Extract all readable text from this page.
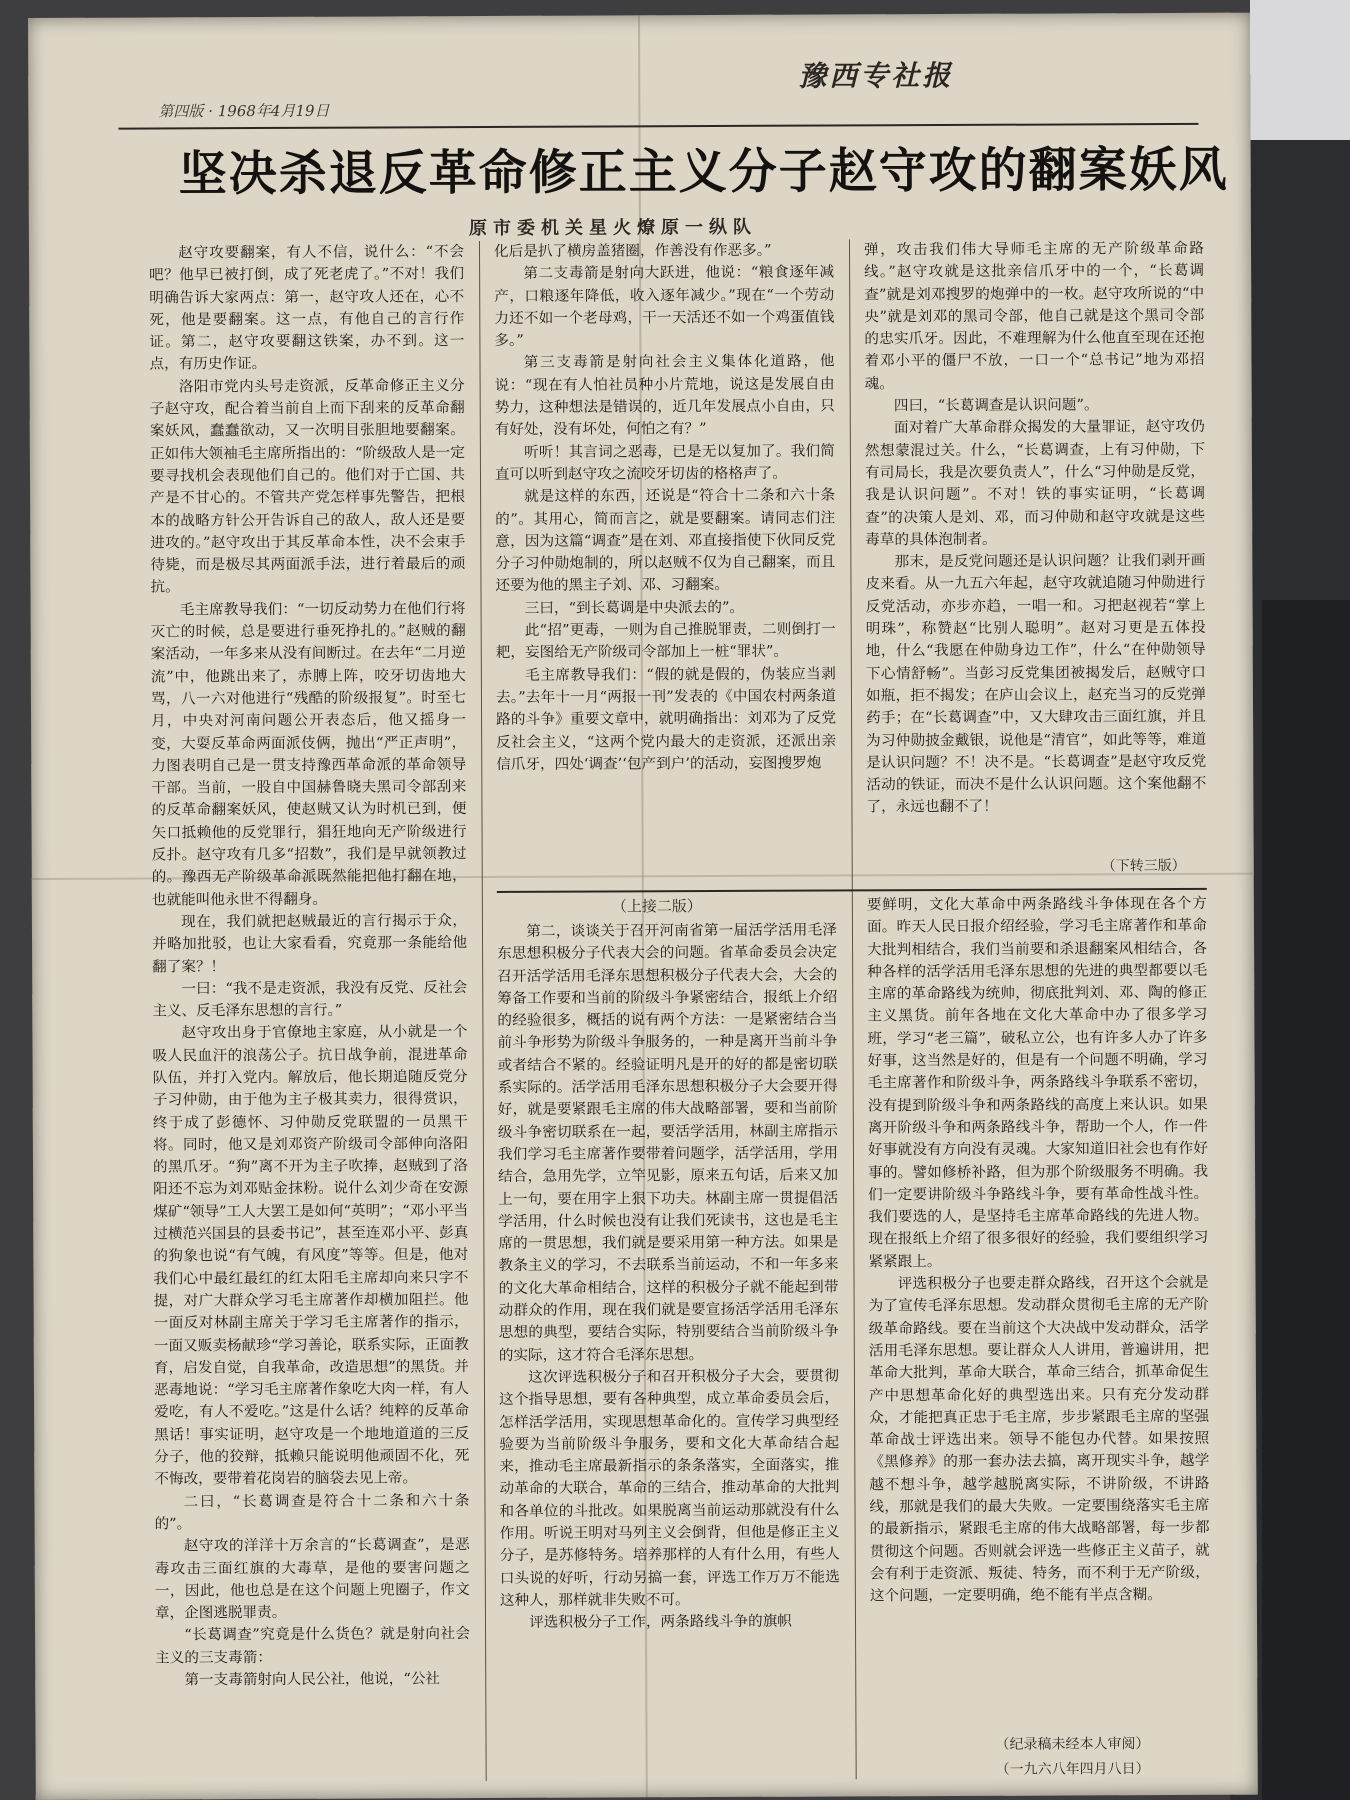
豫西专社报
第四版 · 1968年4月19日
坚决杀退反革命修正主义分子赵守攻的翻案妖风
原市委机关星火燎原一纵队

赵守攻要翻案，有人不信，说什么：“不会吧？他早已被打倒，成了死老虎了。”不对！我们明确告诉大家两点：第一，赵守攻人还在，心不死，他是要翻案。这一点，有他自己的言行作证。第二，赵守攻要翻这铁案，办不到。这一点，有历史作证。

洛阳市党内头号走资派，反革命修正主义分子赵守攻，配合着当前自上而下刮来的反革命翻案妖风，蠢蠢欲动，又一次明目张胆地要翻案。正如伟大领袖毛主席所指出的：“阶级敌人是一定要寻找机会表现他们自己的。他们对于亡国、共产是不甘心的。不管共产党怎样事先警告，把根本的战略方针公开告诉自己的敌人，敌人还是要进攻的。”赵守攻出于其反革命本性，决不会束手待毙，而是极尽其两面派手法，进行着最后的顽抗。

毛主席教导我们：“一切反动势力在他们行将灭亡的时候，总是要进行垂死挣扎的。”赵贼的翻案活动，一年多来从没有间断过。在去年“二月逆流”中，他跳出来了，赤膊上阵，咬牙切齿地大骂，八一六对他进行“残酷的阶级报复”。时至七月，中央对河南问题公开表态后，他又摇身一变，大耍反革命两面派伎俩，抛出“严正声明”，力图表明自己是一贯支持豫西革命派的革命领导干部。当前，一股自中国赫鲁晓夫黑司令部刮来的反革命翻案妖风，使赵贼又认为时机已到，便矢口抵赖他的反党罪行，猖狂地向无产阶级进行反扑。赵守攻有几多“招数”，我们是早就领教过的。豫西无产阶级革命派既然能把他打翻在地，也就能叫他永世不得翻身。

现在，我们就把赵贼最近的言行揭示于众，并略加批驳，也让大家看看，究竟那一条能给他翻了案？！

一曰：“我不是走资派，我没有反党、反社会主义、反毛泽东思想的言行。”

赵守攻出身于官僚地主家庭，从小就是一个吸人民血汗的浪荡公子。抗日战争前，混进革命队伍，并打入党内。解放后，他长期追随反党分子习仲勋，由于他为主子极其卖力，很得赏识，终于成了彭德怀、习仲勋反党联盟的一员黑干将。同时，他又是刘邓资产阶级司令部伸向洛阳的黑爪牙。“狗”离不开为主子吹捧，赵贼到了洛阳还不忘为刘邓贴金抹粉。说什么刘少奇在安源煤矿“领导”工人大罢工是如何“英明”；“邓小平当过横范兴国县的县委书记”，甚至连邓小平、彭真的狗象也说“有气魄，有风度”等等。但是，他对我们心中最红最红的红太阳毛主席却向来只字不提，对广大群众学习毛主席著作却横加阻拦。他一面反对林副主席关于学习毛主席著作的指示，一面又贩卖杨献珍“学习善论，联系实际，正面教育，启发自觉，自我革命，改造思想”的黑货。并恶毒地说：“学习毛主席著作象吃大肉一样，有人爱吃，有人不爱吃。”这是什么话？纯粹的反革命黑话！事实证明，赵守攻是一个地地道道的三反分子，他的狡辩，抵赖只能说明他顽固不化，死不悔改，要带着花岗岩的脑袋去见上帝。

二曰，“长葛调查是符合十二条和六十条的”。

赵守攻的洋洋十万余言的“长葛调查”，是恶毒攻击三面红旗的大毒草，是他的要害问题之一，因此，他也总是在这个问题上兜圈子，作文章，企图逃脱罪责。

“长葛调查”究竟是什么货色？就是射向社会主义的三支毒箭：

第一支毒箭射向人民公社，他说，“公社

化后是扒了横房盖猪圈，作善没有作恶多。”

第二支毒箭是射向大跃进，他说：“粮食逐年减产，口粮逐年降低，收入逐年减少。”现在“一个劳动力还不如一个老母鸡，干一天活还不如一个鸡蛋值钱多。”

第三支毒箭是射向社会主义集体化道路，他说：“现在有人怕社员种小片荒地，说这是发展自由势力，这种想法是错误的，近几年发展点小自由，只有好处，没有坏处，何怕之有？”

听听！其言词之恶毒，已是无以复加了。我们简直可以听到赵守攻之流咬牙切齿的格格声了。

就是这样的东西，还说是“符合十二条和六十条的”。其用心，简而言之，就是要翻案。请同志们注意，因为这篇“调查”是在刘、邓直接指使下伙同反党分子习仲勋炮制的，所以赵贼不仅为自己翻案，而且还要为他的黑主子刘、邓、习翻案。

三曰，“到长葛调是中央派去的”。

此“招”更毒，一则为自己推脱罪责，二则倒打一耙，妄图给无产阶级司令部加上一桩“罪状”。

毛主席教导我们：“假的就是假的，伪装应当剥去。”去年十一月“两报一刊”发表的《中国农村两条道路的斗争》重要文章中，就明确指出：刘邓为了反党反社会主义，“这两个党内最大的走资派，还派出亲信爪牙，四处‘调查’‘包产到户’的活动，妄图搜罗炮

弹，攻击我们伟大导师毛主席的无产阶级革命路线。”赵守攻就是这批亲信爪牙中的一个，“长葛调查”就是刘邓搜罗的炮弹中的一枚。赵守攻所说的“中央”就是刘邓的黑司令部，他自己就是这个黑司令部的忠实爪牙。因此，不难理解为什么他直至现在还抱着邓小平的僵尸不放，一口一个“总书记”地为邓招魂。

四曰，“长葛调查是认识问题”。

面对着广大革命群众揭发的大量罪证，赵守攻仍然想蒙混过关。什么，“长葛调查，上有习仲勋，下有司局长，我是次要负责人”，什么“习仲勋是反党，我是认识问题”。不对！铁的事实证明，“长葛调查”的决策人是刘、邓，而习仲勋和赵守攻就是这些毒草的具体泡制者。

那末，是反党问题还是认识问题？让我们剥开画皮来看。从一九五六年起，赵守攻就追随习仲勋进行反党活动，亦步亦趋，一唱一和。习把赵视若“掌上明珠”，称赞赵“比别人聪明”。赵对习更是五体投地，什么“我愿在仲勋身边工作”，什么“在仲勋领导下心情舒畅”。当彭习反党集团被揭发后，赵贼守口如瓶，拒不揭发；在庐山会议上，赵充当习的反党弹药手；在“长葛调查”中，又大肆攻击三面红旗，并且为习仲勋披金戴银，说他是“清官”，如此等等，难道是认识问题？不！决不是。“长葛调查”是赵守攻反党活动的铁证，而决不是什么认识问题。这个案他翻不了，永远也翻不了！

（下转三版）
（上接二版）

第二，谈谈关于召开河南省第一届活学活用毛泽东思想积极分子代表大会的问题。省革命委员会决定召开活学活用毛泽东思想积极分子代表大会，大会的筹备工作要和当前的阶级斗争紧密结合，报纸上介绍的经验很多，概括的说有两个方法：一是紧密结合当前斗争形势为阶级斗争服务的，一种是离开当前斗争或者结合不紧的。经验证明凡是开的好的都是密切联系实际的。活学活用毛泽东思想积极分子大会要开得好，就是要紧跟毛主席的伟大战略部署，要和当前阶级斗争密切联系在一起，要活学活用，林副主席指示我们学习毛主席著作要带着问题学，活学活用，学用结合，急用先学，立竿见影，原来五句话，后来又加上一句，要在用字上狠下功夫。林副主席一贯提倡活学活用，什么时候也没有让我们死读书，这也是毛主席的一贯思想，我们就是要采用第一种方法。如果是教条主义的学习，不去联系当前运动，不和一年多来的文化大革命相结合，这样的积极分子就不能起到带动群众的作用，现在我们就是要宣扬活学活用毛泽东思想的典型，要结合实际，特别要结合当前阶级斗争的实际，这才符合毛泽东思想。

这次评选积极分子和召开积极分子大会，要贯彻这个指导思想，要有各种典型，成立革命委员会后，怎样活学活用，实现思想革命化的。宣传学习典型经验要为当前阶级斗争服务，要和文化大革命结合起来，推动毛主席最新指示的条条落实，全面落实，推动革命的大联合，革命的三结合，推动革命的大批判和各单位的斗批改。如果脱离当前运动那就没有什么作用。听说王明对马列主义会倒背，但他是修正主义分子，是苏修特务。培养那样的人有什么用，有些人口头说的好听，行动另搞一套，评选工作万万不能选这种人，那样就非失败不可。

评选积极分子工作，两条路线斗争的旗帜

要鲜明，文化大革命中两条路线斗争体现在各个方面。昨天人民日报介绍经验，学习毛主席著作和革命大批判相结合，我们当前要和杀退翻案风相结合，各种各样的活学活用毛泽东思想的先进的典型都要以毛主席的革命路线为统帅，彻底批判刘、邓、陶的修正主义黑货。前年各地在文化大革命中办了很多学习班，学习“老三篇”，破私立公，也有许多人办了许多好事，这当然是好的，但是有一个问题不明确，学习毛主席著作和阶级斗争，两条路线斗争联系不密切，没有提到阶级斗争和两条路线的高度上来认识。如果离开阶级斗争和两条路线斗争，帮助一个人，作一件好事就没有方向没有灵魂。大家知道旧社会也有作好事的。譬如修桥补路，但为那个阶级服务不明确。我们一定要讲阶级斗争路线斗争，要有革命性战斗性。我们要选的人，是坚持毛主席革命路线的先进人物。现在报纸上介绍了很多很好的经验，我们要组织学习紧紧跟上。

评选积极分子也要走群众路线，召开这个会就是为了宣传毛泽东思想。发动群众贯彻毛主席的无产阶级革命路线。要在当前这个大决战中发动群众，活学活用毛泽东思想。要让群众人人讲用，普遍讲用，把革命大批判，革命大联合，革命三结合，抓革命促生产中思想革命化好的典型选出来。只有充分发动群众，才能把真正忠于毛主席，步步紧跟毛主席的坚强革命战士评选出来。领导不能包办代替。如果按照《黑修养》的那一套办法去搞，离开现实斗争，越学越不想斗争，越学越脱离实际，不讲阶级，不讲路线，那就是我们的最大失败。一定要围绕落实毛主席的最新指示，紧跟毛主席的伟大战略部署，每一步都贯彻这个问题。否则就会评选一些修正主义苗子，就会有利于走资派、叛徒、特务，而不利于无产阶级，这个问题，一定要明确，绝不能有半点含糊。

（纪录稿未经本人审阅）
（一九六八年四月八日）
